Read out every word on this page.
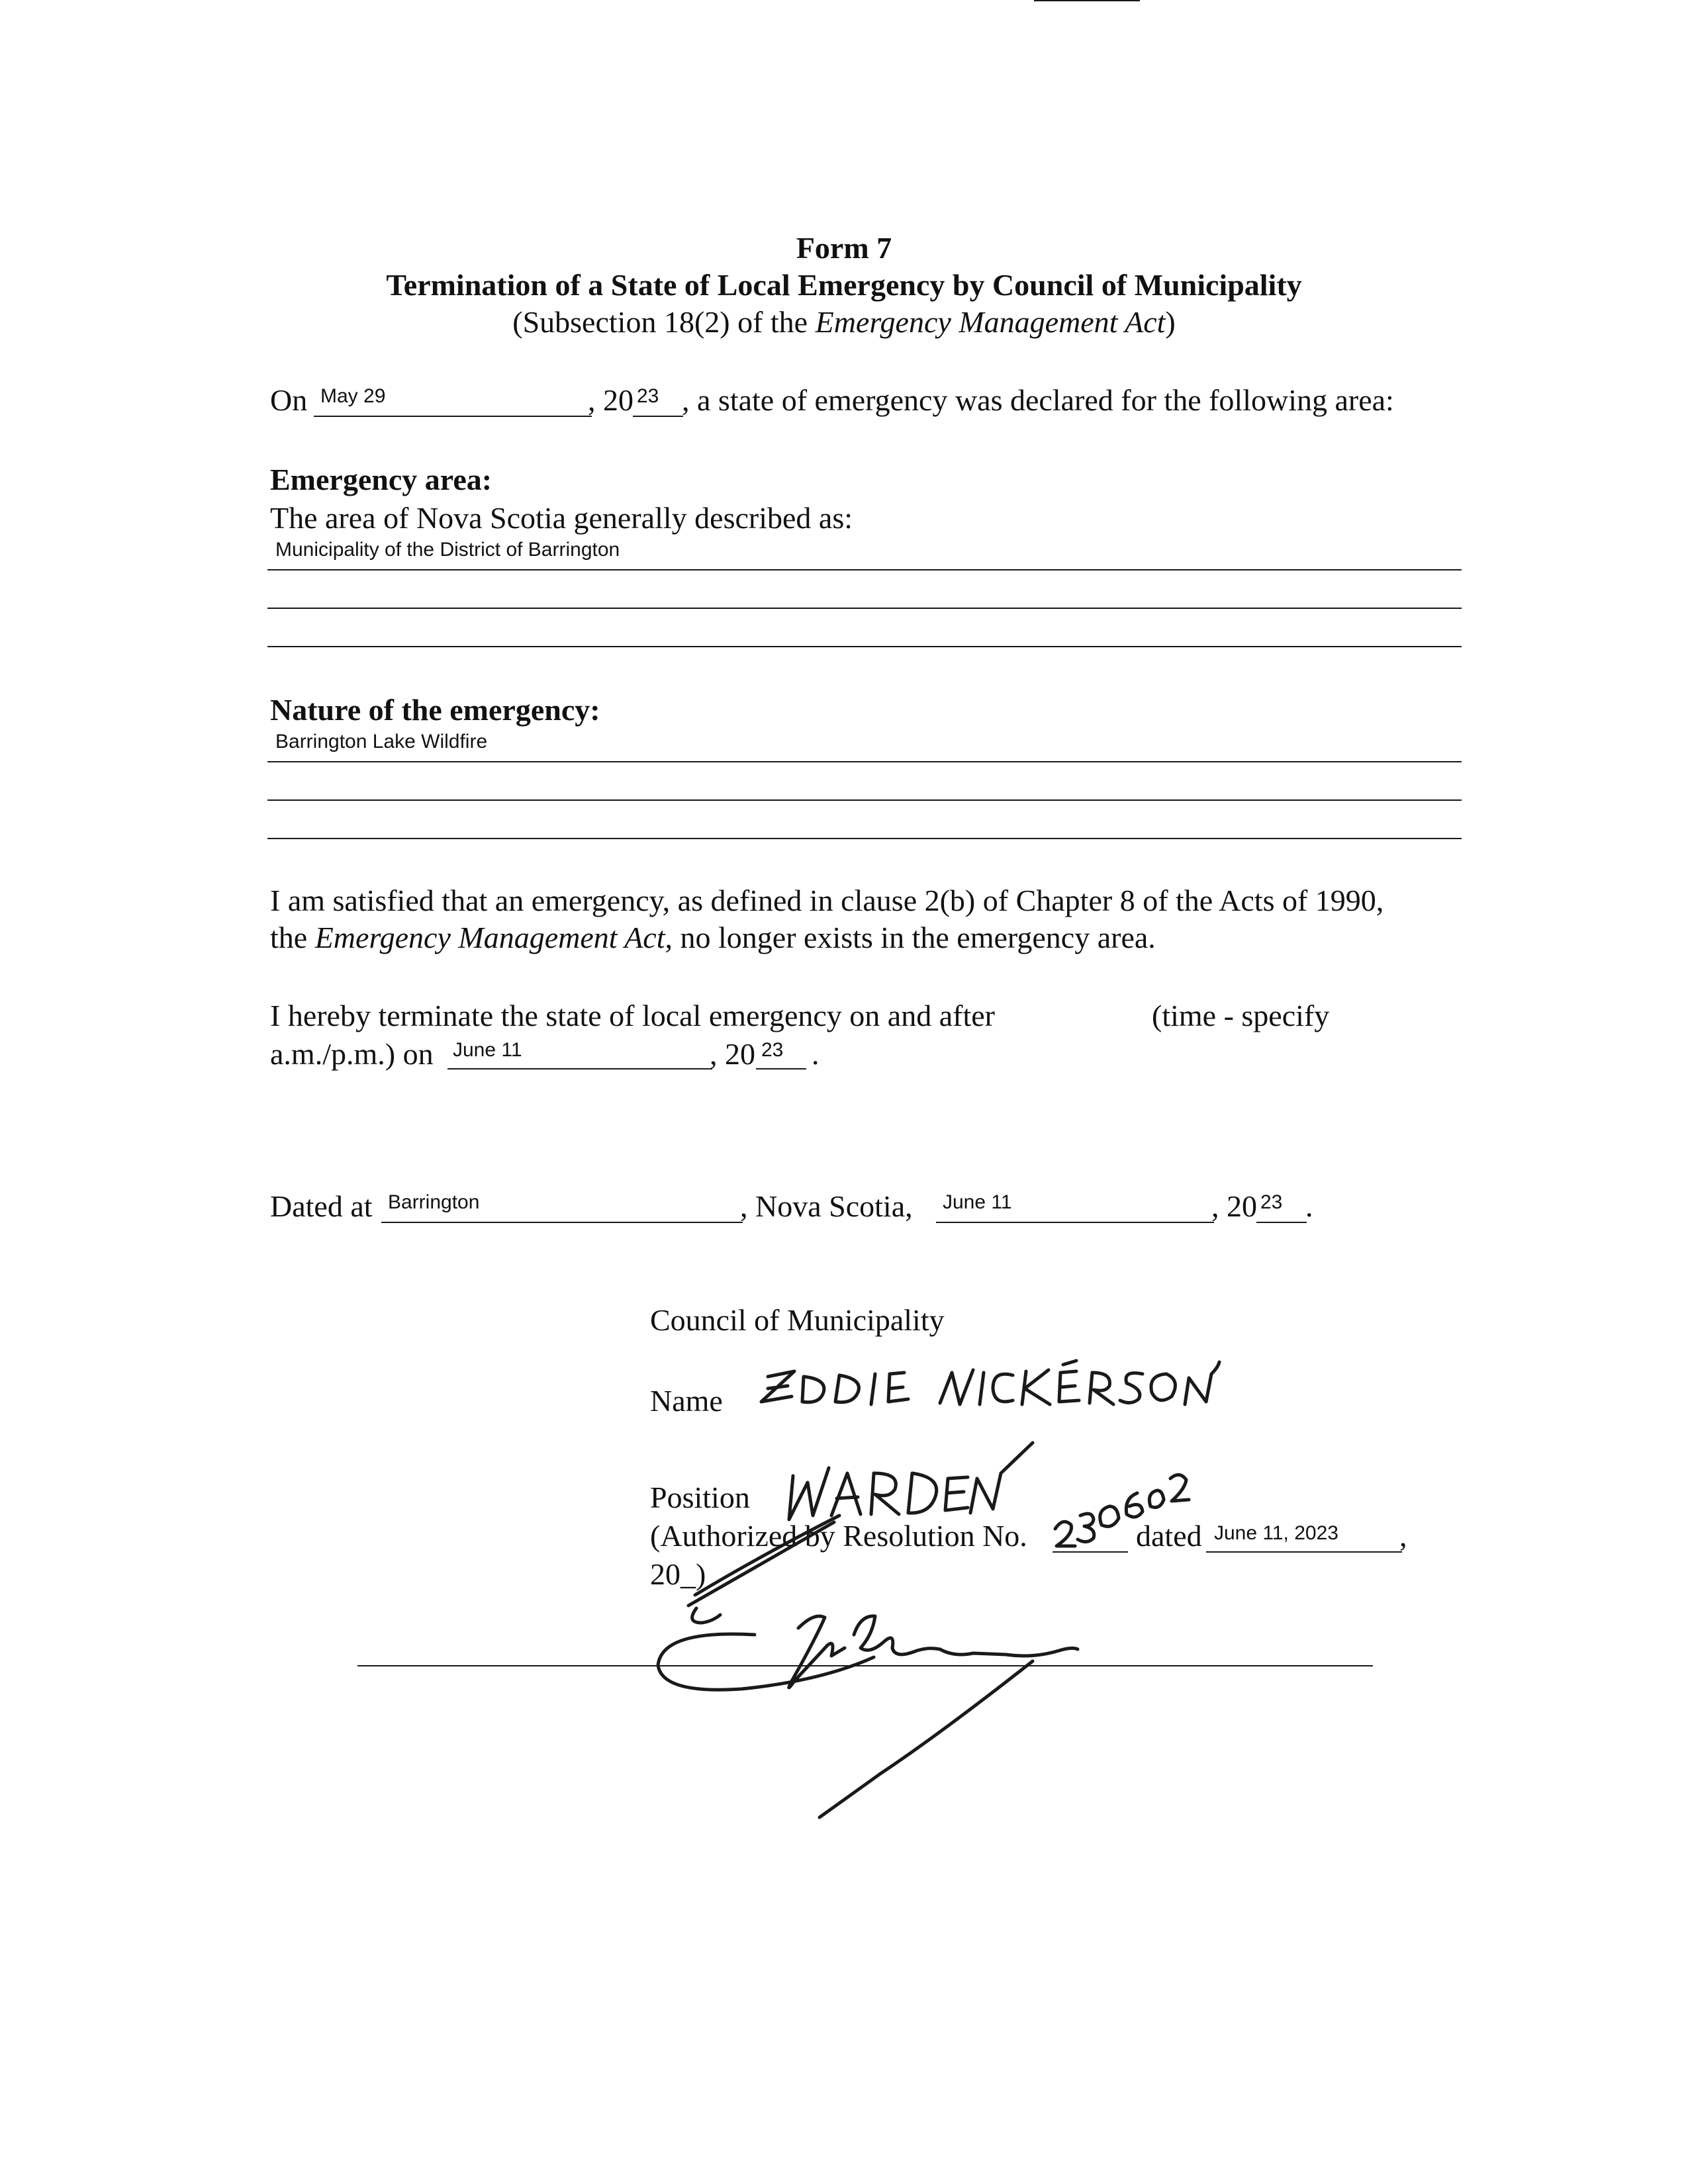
Form 7
Termination of a State of Local Emergency by Council of Municipality
(Subsection 18(2) of the Emergency Management Act)
On May 29	, 20 23 , a state of emergency was declared for the following area:
Emergency area:
The area of Nova Scotia generally described as:
Municipality of the District of Barrington
Nature of the emergency:
Barrington Lake Wildfire
I am satisfied that an emergency, as defined in clause 2(b) of Chapter 8 of the Acts of 1990,
the Emergency Management Act, no longer exists in the emergency area.
I hereby terminate the state of local emergency on and after	(time - specify
a.m./p.m.) on June 11	, 20 23 .
Dated at Barrington	, Nova Scotia, June 11	, 20 23 .
Council of Municipality
Name
Position
(Authorized by Resolution No.	dated June 11, 2023 ,
20_)
